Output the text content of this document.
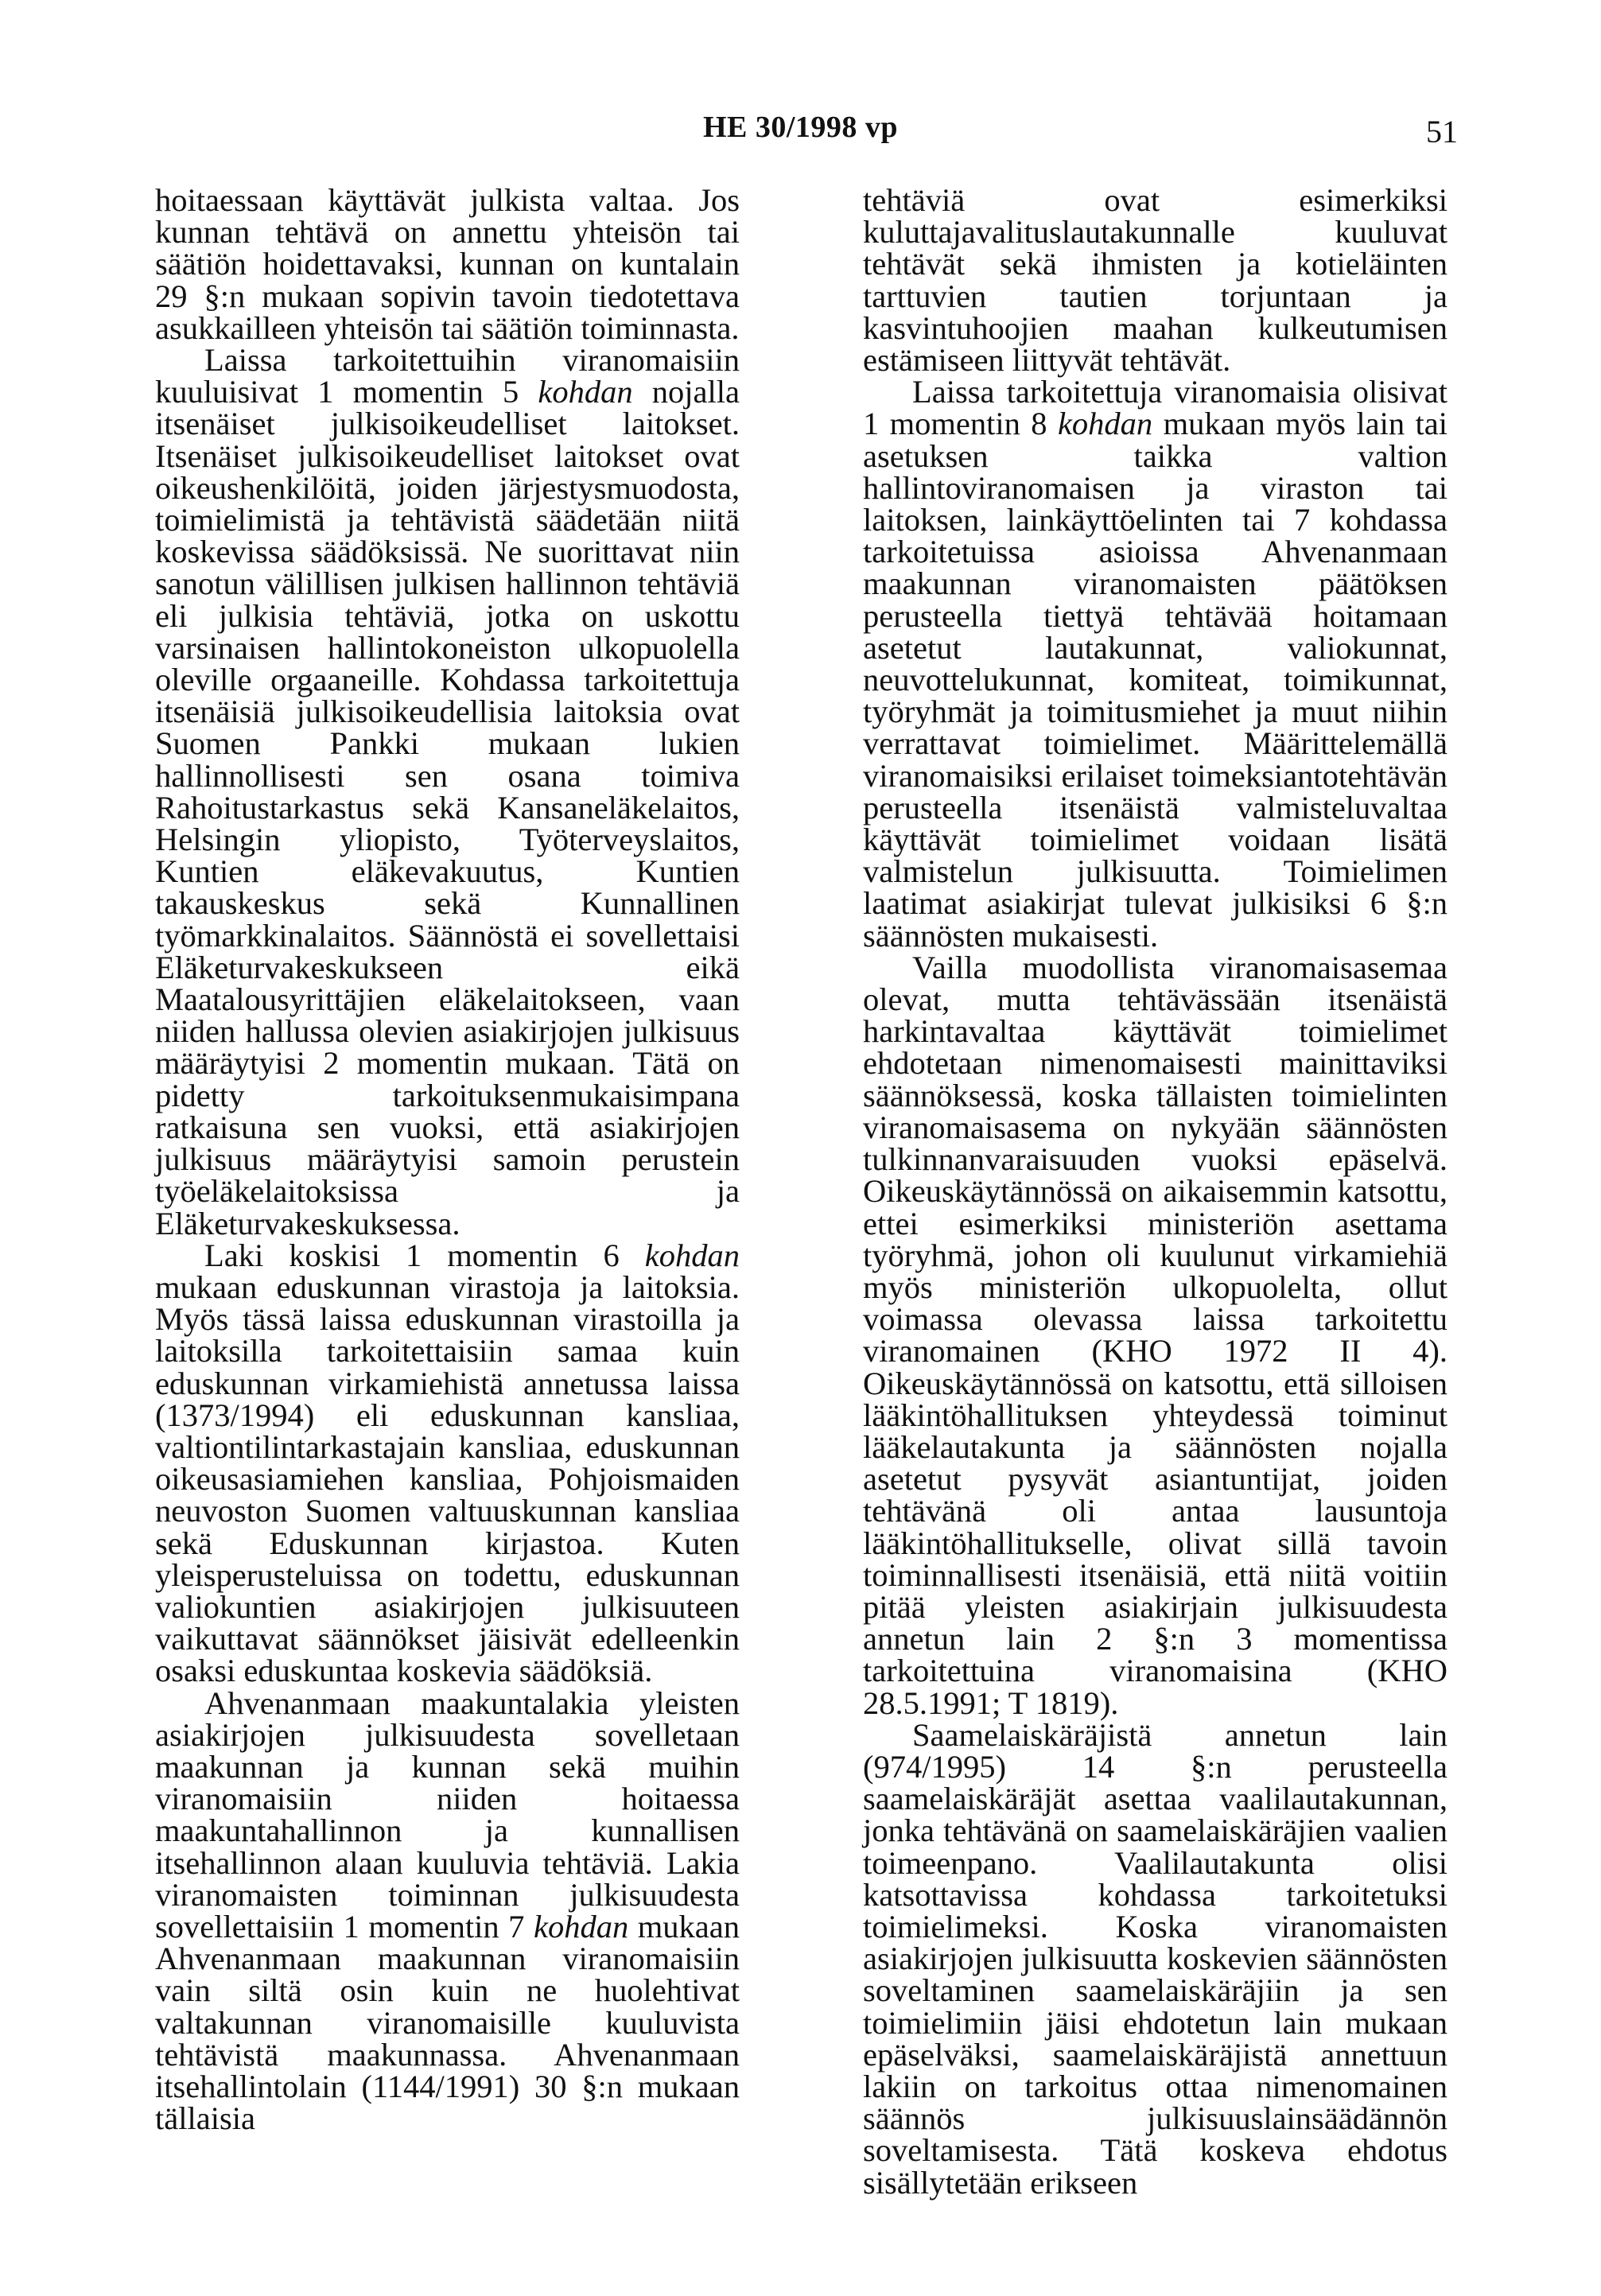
HE 30/1998 vp	51

hoitaessaan käyttävät julkista valtaa. Jos kunnan tehtävä on annettu yhteisön tai säätiön hoidettavaksi, kunnan on kuntalain 29 §:n mukaan sopivin tavoin tiedotettava asukkailleen yhteisön tai säätiön toiminnasta.

Laissa tarkoitettuihin viranomaisiin kuuluisivat 1 momentin 5 kohdan nojalla itsenäiset julkisoikeudelliset laitokset. Itsenäiset julkisoikeudelliset laitokset ovat oikeushenkilöitä, joiden järjestysmuodosta, toimielimistä ja tehtävistä säädetään niitä koskevissa säädöksissä. Ne suorittavat niin sanotun välillisen julkisen hallinnon tehtäviä eli julkisia tehtäviä, jotka on uskottu varsinaisen hallintokoneiston ulkopuolella oleville orgaaneille. Kohdassa tarkoitettuja itsenäisiä julkisoikeudellisia laitoksia ovat Suomen Pankki mukaan lukien hallinnollisesti sen osana toimiva Rahoitustarkastus sekä Kansaneläkelaitos, Helsingin yliopisto, Työterveyslaitos, Kuntien eläkevakuutus, Kuntien takauskeskus sekä Kunnallinen työmarkkinalaitos. Säännöstä ei sovellettaisi Eläketurvakeskukseen eikä Maatalousyrittäjien eläkelaitokseen, vaan niiden hallussa olevien asiakirjojen julkisuus määräytyisi 2 momentin mukaan. Tätä on pidetty tarkoituksenmukaisimpana ratkaisuna sen vuoksi, että asiakirjojen julkisuus määräytyisi samoin perustein työeläkelaitoksissa ja Eläketurvakeskuksessa.

Laki koskisi 1 momentin 6 kohdan mukaan eduskunnan virastoja ja laitoksia. Myös tässä laissa eduskunnan virastoilla ja laitoksilla tarkoitettaisiin samaa kuin eduskunnan virkamiehistä annetussa laissa (1373/1994) eli eduskunnan kansliaa, valtiontilintarkastajain kansliaa, eduskunnan oikeusasiamiehen kansliaa, Pohjoismaiden neuvoston Suomen valtuuskunnan kansliaa sekä Eduskunnan kirjastoa. Kuten yleisperusteluissa on todettu, eduskunnan valiokuntien asiakirjojen julkisuuteen vaikuttavat säännökset jäisivät edelleenkin osaksi eduskuntaa koskevia säädöksiä.

Ahvenanmaan maakuntalakia yleisten asiakirjojen julkisuudesta sovelletaan maakunnan ja kunnan sekä muihin viranomaisiin niiden hoitaessa maakuntahallinnon ja kunnallisen itsehallinnon alaan kuuluvia tehtäviä. Lakia viranomaisten toiminnan julkisuudesta sovellettaisiin 1 momentin 7 kohdan mukaan Ahvenanmaan maakunnan viranomaisiin vain siltä osin kuin ne huolehtivat valtakunnan viranomaisille kuuluvista tehtävistä maakunnassa. Ahvenanmaan itsehallintolain (1144/1991) 30 §:n mukaan tällaisia

tehtäviä ovat esimerkiksi kuluttajavalituslautakunnalle kuuluvat tehtävät sekä ihmisten ja kotieläinten tarttuvien tautien torjuntaan ja kasvintuhoojien maahan kulkeutumisen estämiseen liittyvät tehtävät.

Laissa tarkoitettuja viranomaisia olisivat 1 momentin 8 kohdan mukaan myös lain tai asetuksen taikka valtion hallintoviranomaisen ja viraston tai laitoksen, lainkäyttöelinten tai 7 kohdassa tarkoitetuissa asioissa Ahvenanmaan maakunnan viranomaisten päätöksen perusteella tiettyä tehtävää hoitamaan asetetut lautakunnat, valiokunnat, neuvottelukunnat, komiteat, toimikunnat, työryhmät ja toimitusmiehet ja muut niihin verrattavat toimielimet. Määrittelemällä viranomaisiksi erilaiset toimeksiantotehtävän perusteella itsenäistä valmisteluvaltaa käyttävät toimielimet voidaan lisätä valmistelun julkisuutta. Toimielimen laatimat asiakirjat tulevat julkisiksi 6 §:n säännösten mukaisesti.

Vailla muodollista viranomaisasemaa olevat, mutta tehtävässään itsenäistä harkintavaltaa käyttävät toimielimet ehdotetaan nimenomaisesti mainittaviksi säännöksessä, koska tällaisten toimielinten viranomaisasema on nykyään säännösten tulkinnanvaraisuuden vuoksi epäselvä. Oikeuskäytännössä on aikaisemmin katsottu, ettei esimerkiksi ministeriön asettama työryhmä, johon oli kuulunut virkamiehiä myös ministeriön ulkopuolelta, ollut voimassa olevassa laissa tarkoitettu viranomainen (KHO 1972 II 4). Oikeuskäytännössä on katsottu, että silloisen lääkintöhallituksen yhteydessä toiminut lääkelautakunta ja säännösten nojalla asetetut pysyvät asiantuntijat, joiden tehtävänä oli antaa lausuntoja lääkintöhallitukselle, olivat sillä tavoin toiminnallisesti itsenäisiä, että niitä voitiin pitää yleisten asiakirjain julkisuudesta annetun lain 2 §:n 3 momentissa tarkoitettuina viranomaisina (KHO 28.5.1991; T 1819).

Saamelaiskäräjistä annetun lain (974/1995) 14 §:n perusteella saamelaiskäräjät asettaa vaalilautakunnan, jonka tehtävänä on saamelaiskäräjien vaalien toimeenpano. Vaalilautakunta olisi katsottavissa kohdassa tarkoitetuksi toimielimeksi. Koska viranomaisten asiakirjojen julkisuutta koskevien säännösten soveltaminen saamelaiskäräjiin ja sen toimielimiin jäisi ehdotetun lain mukaan epäselväksi, saamelaiskäräjistä annettuun lakiin on tarkoitus ottaa nimenomainen säännös julkisuuslainsäädännön soveltamisesta. Tätä koskeva ehdotus sisällytetään erikseen
